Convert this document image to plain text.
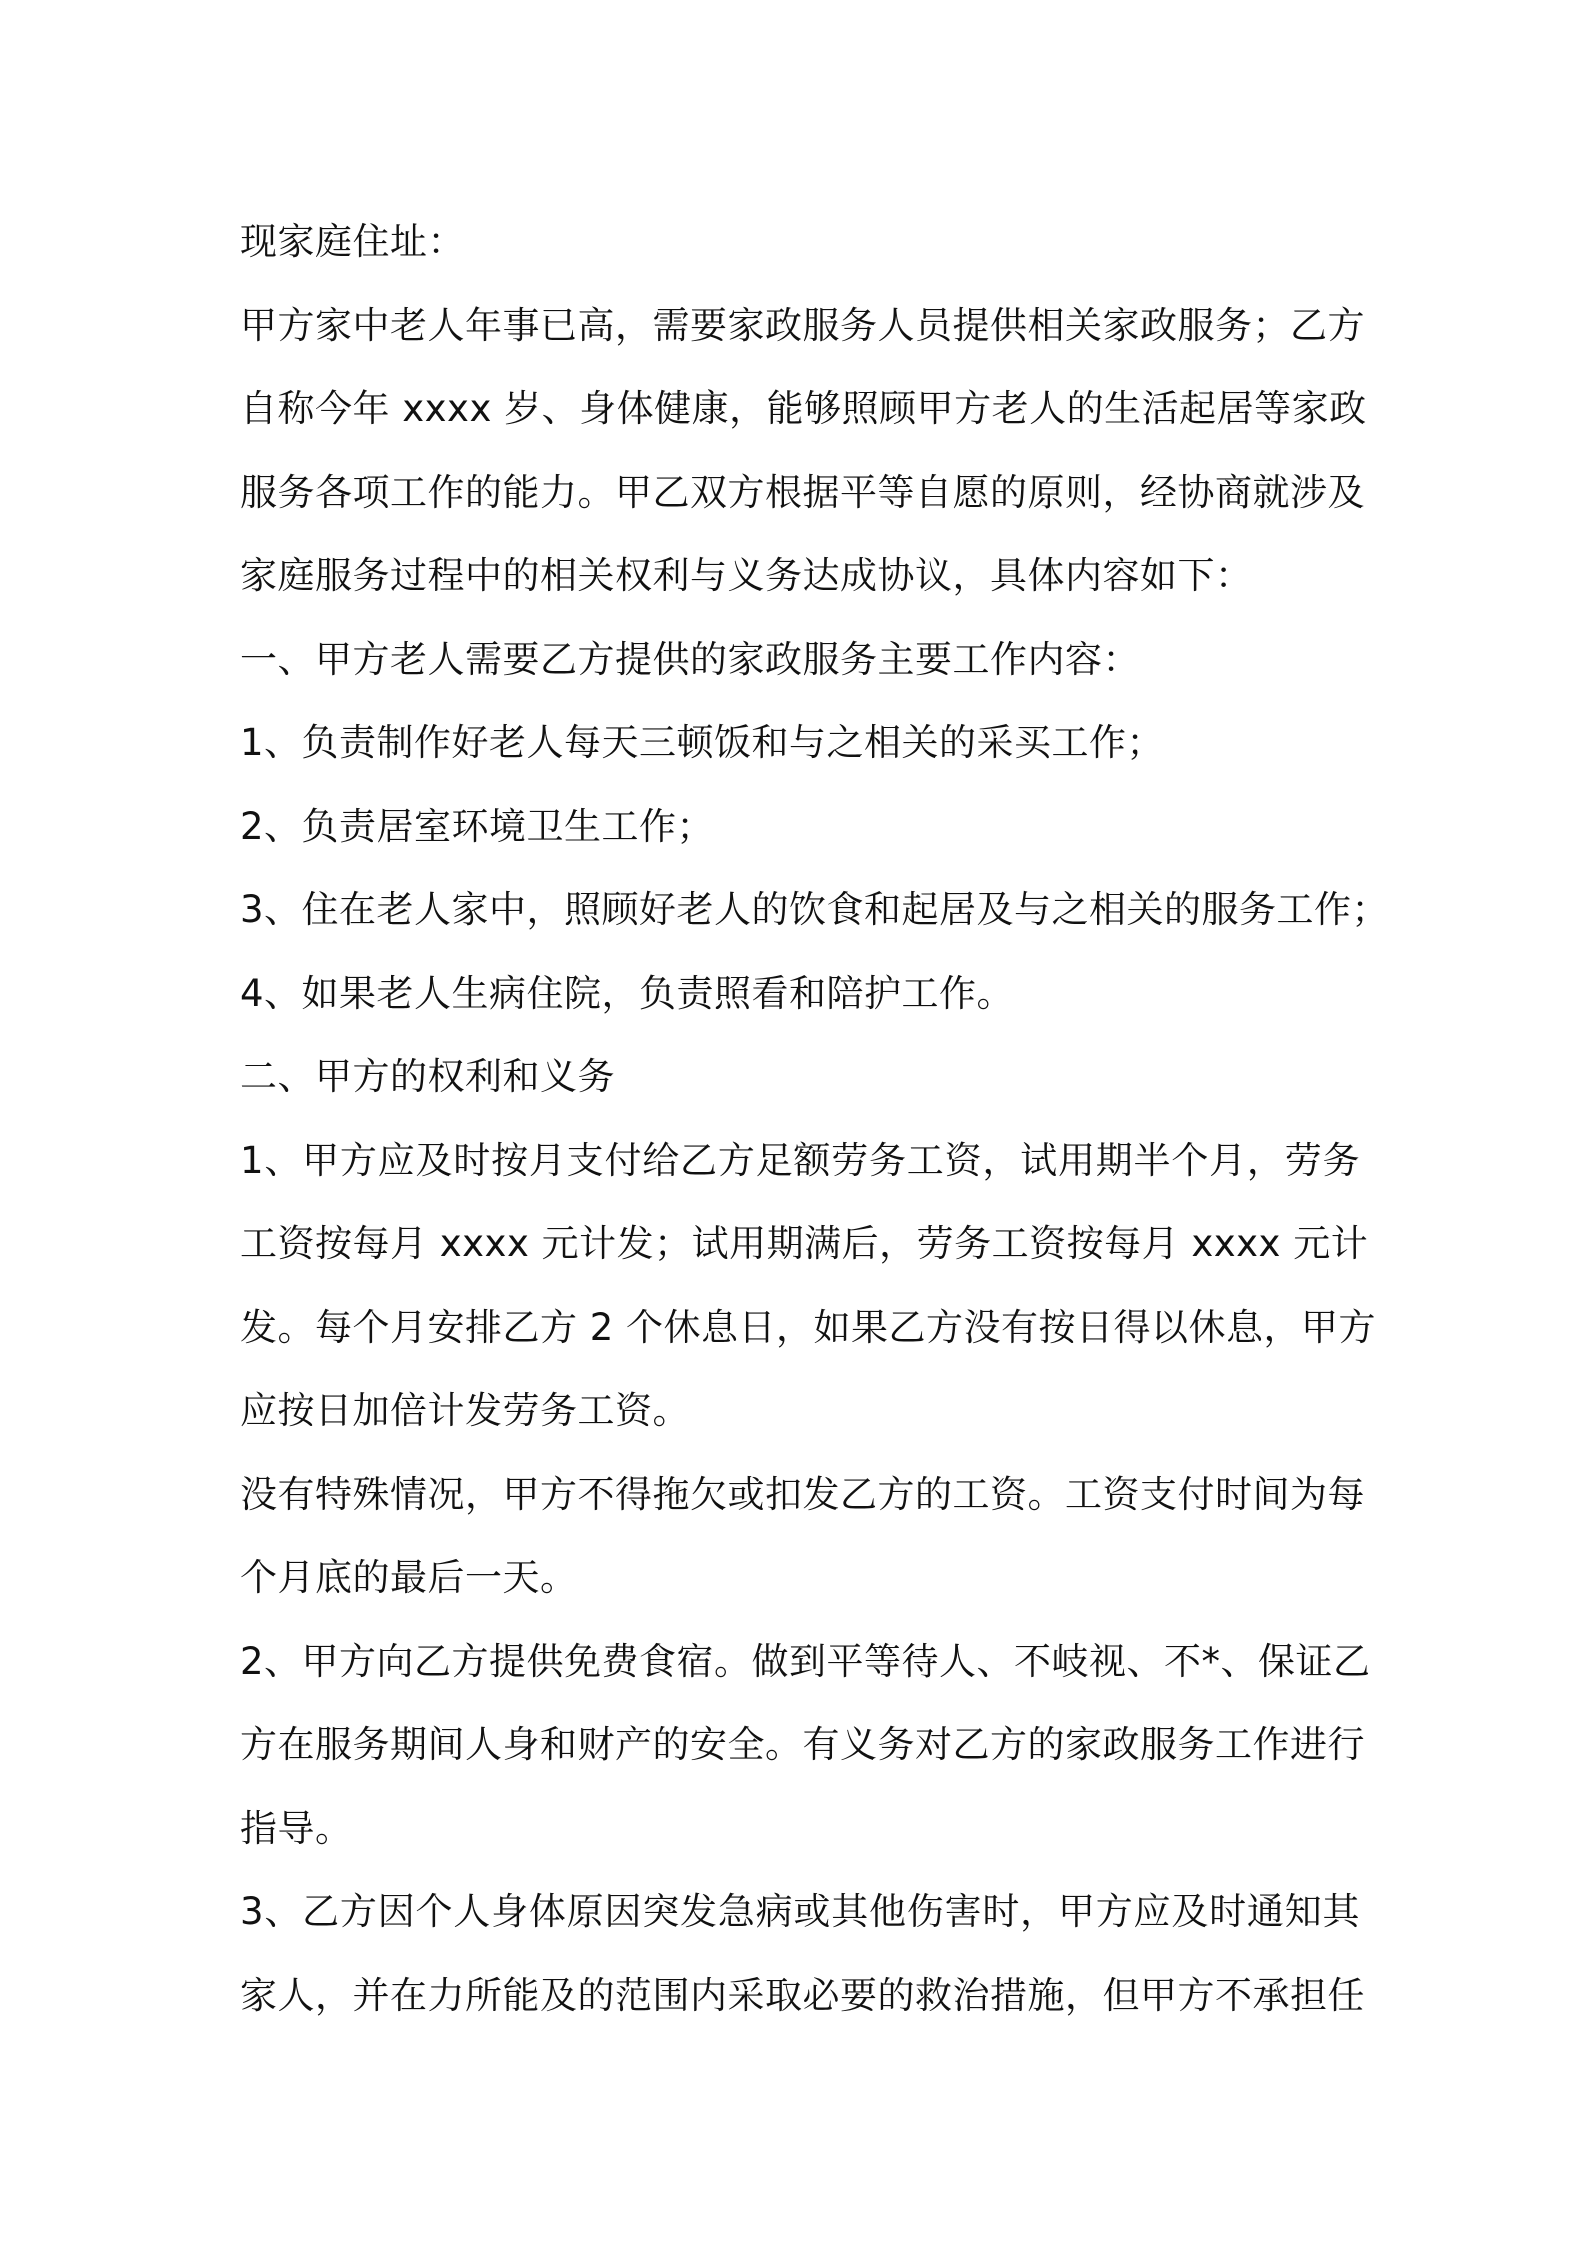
现家庭住址：
甲方家中老人年事已高，需要家政服务人员提供相关家政服务；乙方
自称今年 xxxx 岁、身体健康，能够照顾甲方老人的生活起居等家政
服务各项工作的能力。甲乙双方根据平等自愿的原则，经协商就涉及
家庭服务过程中的相关权利与义务达成协议，具体内容如下：
一、甲方老人需要乙方提供的家政服务主要工作内容：
1、负责制作好老人每天三顿饭和与之相关的采买工作；
2、负责居室环境卫生工作；
3、住在老人家中，照顾好老人的饮食和起居及与之相关的服务工作；
4、如果老人生病住院，负责照看和陪护工作。
二、甲方的权利和义务
1、甲方应及时按月支付给乙方足额劳务工资，试用期半个月，劳务
工资按每月 xxxx 元计发；试用期满后，劳务工资按每月 xxxx 元计
发。每个月安排乙方 2 个休息日，如果乙方没有按日得以休息，甲方
应按日加倍计发劳务工资。
没有特殊情况，甲方不得拖欠或扣发乙方的工资。工资支付时间为每
个月底的最后一天。
2、甲方向乙方提供免费食宿。做到平等待人、不岐视、不*、保证乙
方在服务期间人身和财产的安全。有义务对乙方的家政服务工作进行
指导。
3、乙方因个人身体原因突发急病或其他伤害时，甲方应及时通知其
家人，并在力所能及的范围内采取必要的救治措施，但甲方不承担任
